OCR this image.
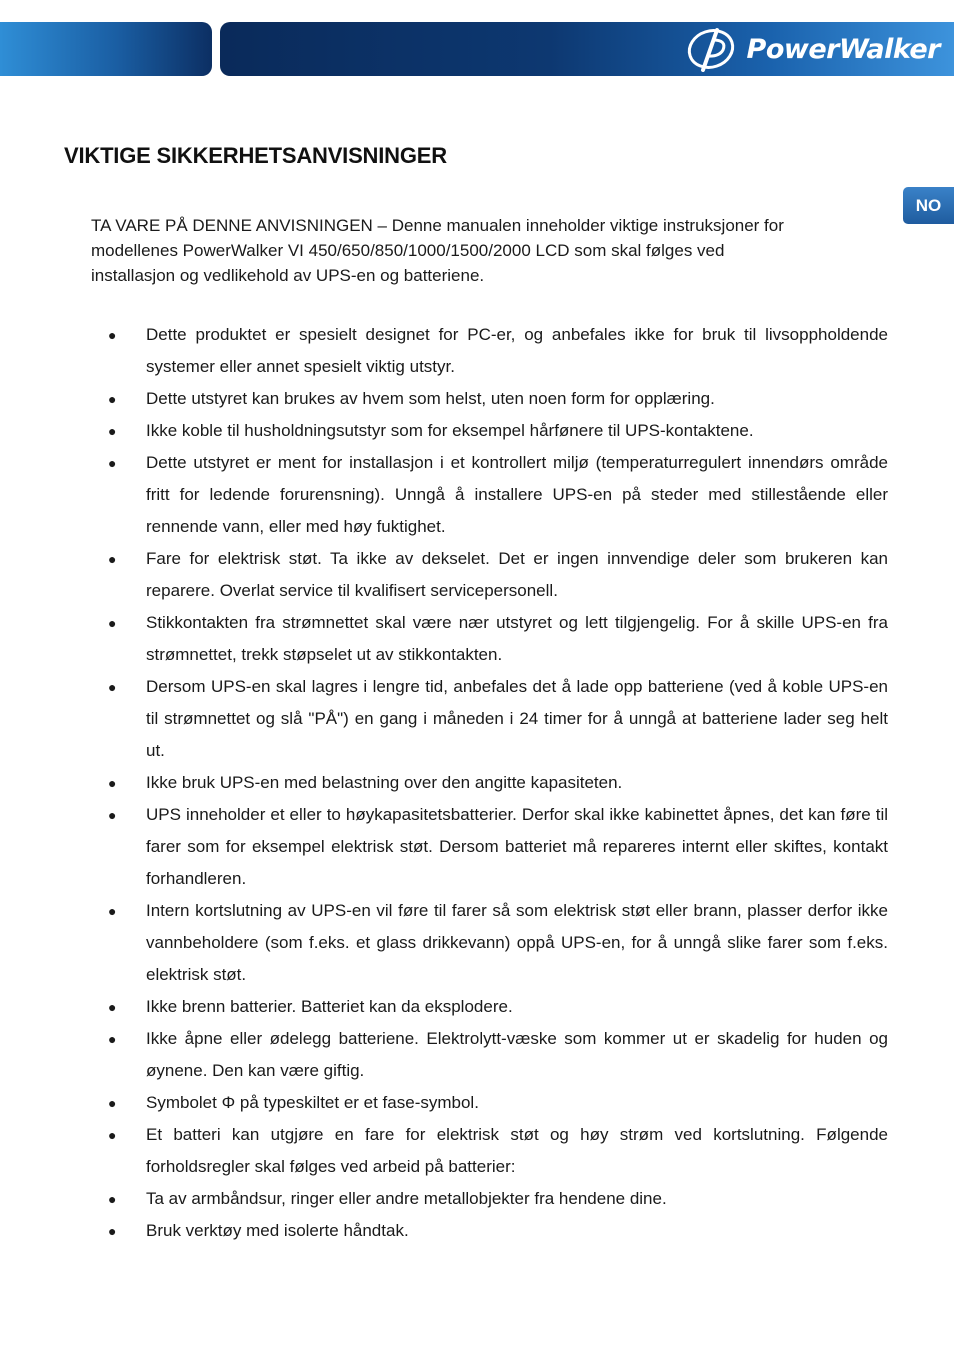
PowerWalker
VIKTIGE SIKKERHETSANVISNINGER
NO

TA VARE PÅ DENNE ANVISNINGEN – Denne manualen inneholder viktige instruksjoner for
modellenes PowerWalker VI 450/650/850/1000/1500/2000 LCD som skal følges ved
installasjon og vedlikehold av UPS-en og batteriene.

● Dette produktet er spesielt designet for PC-er, og anbefales ikke for bruk til livsoppholdende systemer eller annet spesielt viktig utstyr.
● Dette utstyret kan brukes av hvem som helst, uten noen form for opplæring.
● Ikke koble til husholdningsutstyr som for eksempel hårfønere til UPS-kontaktene.
● Dette utstyret er ment for installasjon i et kontrollert miljø (temperaturregulert innendørs område fritt for ledende forurensning). Unngå å installere UPS-en på steder med stillestående eller rennende vann, eller med høy fuktighet.
● Fare for elektrisk støt. Ta ikke av dekselet. Det er ingen innvendige deler som brukeren kan reparere. Overlat service til kvalifisert servicepersonell.
● Stikkontakten fra strømnettet skal være nær utstyret og lett tilgjengelig. For å skille UPS-en fra strømnettet, trekk støpselet ut av stikkontakten.
● Dersom UPS-en skal lagres i lengre tid, anbefales det å lade opp batteriene (ved å koble UPS-en til strømnettet og slå "PÅ") en gang i måneden i 24 timer for å unngå at batteriene lader seg helt ut.
● Ikke bruk UPS-en med belastning over den angitte kapasiteten.
● UPS inneholder et eller to høykapasitetsbatterier. Derfor skal ikke kabinettet åpnes, det kan føre til farer som for eksempel elektrisk støt. Dersom batteriet må repareres internt eller skiftes, kontakt forhandleren.
● Intern kortslutning av UPS-en vil føre til farer så som elektrisk støt eller brann, plasser derfor ikke vannbeholdere (som f.eks. et glass drikkevann) oppå UPS-en, for å unngå slike farer som f.eks. elektrisk støt.
● Ikke brenn batterier. Batteriet kan da eksplodere.
● Ikke åpne eller ødelegg batteriene. Elektrolytt-væske som kommer ut er skadelig for huden og øynene. Den kan være giftig.
● Symbolet Φ på typeskiltet er et fase-symbol.
● Et batteri kan utgjøre en fare for elektrisk støt og høy strøm ved kortslutning. Følgende forholdsregler skal følges ved arbeid på batterier:
● Ta av armbåndsur, ringer eller andre metallobjekter fra hendene dine.
● Bruk verktøy med isolerte håndtak.
